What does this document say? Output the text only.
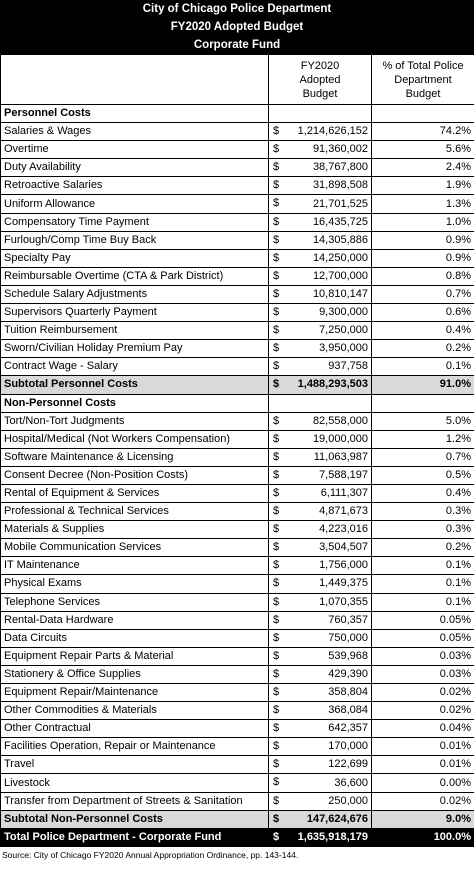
City of Chicago Police Department
FY2020 Adopted Budget
Corporate Fund
	FY2020 Adopted Budget	% of Total Police Department Budget
Personnel Costs		
Salaries & Wages	$ 1,214,626,152	74.2%
Overtime	$ 91,360,002	5.6%
Duty Availability	$ 38,767,800	2.4%
Retroactive Salaries	$ 31,898,508	1.9%
Uniform Allowance	$ 21,701,525	1.3%
Compensatory Time Payment	$ 16,435,725	1.0%
Furlough/Comp Time Buy Back	$ 14,305,886	0.9%
Specialty Pay	$ 14,250,000	0.9%
Reimbursable Overtime (CTA & Park District)	$ 12,700,000	0.8%
Schedule Salary Adjustments	$ 10,810,147	0.7%
Supervisors Quarterly Payment	$ 9,300,000	0.6%
Tuition Reimbursement	$ 7,250,000	0.4%
Sworn/Civilian Holiday Premium Pay	$ 3,950,000	0.2%
Contract Wage - Salary	$ 937,758	0.1%
Subtotal Personnel Costs	$ 1,488,293,503	91.0%
Non-Personnel Costs		
Tort/Non-Tort Judgments	$ 82,558,000	5.0%
Hospital/Medical (Not Workers Compensation)	$ 19,000,000	1.2%
Software Maintenance & Licensing	$ 11,063,987	0.7%
Consent Decree (Non-Position Costs)	$ 7,588,197	0.5%
Rental of Equipment & Services	$ 6,111,307	0.4%
Professional & Technical Services	$ 4,871,673	0.3%
Materials & Supplies	$ 4,223,016	0.3%
Mobile Communication Services	$ 3,504,507	0.2%
IT Maintenance	$ 1,756,000	0.1%
Physical Exams	$ 1,449,375	0.1%
Telephone Services	$ 1,070,355	0.1%
Rental-Data Hardware	$ 760,357	0.05%
Data Circuits	$ 750,000	0.05%
Equipment Repair Parts & Material	$ 539,968	0.03%
Stationery & Office Supplies	$ 429,390	0.03%
Equipment Repair/Maintenance	$ 358,804	0.02%
Other Commodities & Materials	$ 368,084	0.02%
Other Contractual	$ 642,357	0.04%
Facilities Operation, Repair or Maintenance	$ 170,000	0.01%
Travel	$ 122,699	0.01%
Livestock	$ 36,600	0.00%
Transfer from Department of Streets & Sanitation	$ 250,000	0.02%
Subtotal Non-Personnel Costs	$ 147,624,676	9.0%
Total Police Department - Corporate Fund	$ 1,635,918,179	100.0%
Source: City of Chicago FY2020 Annual Appropriation Ordinance, pp. 143-144.
